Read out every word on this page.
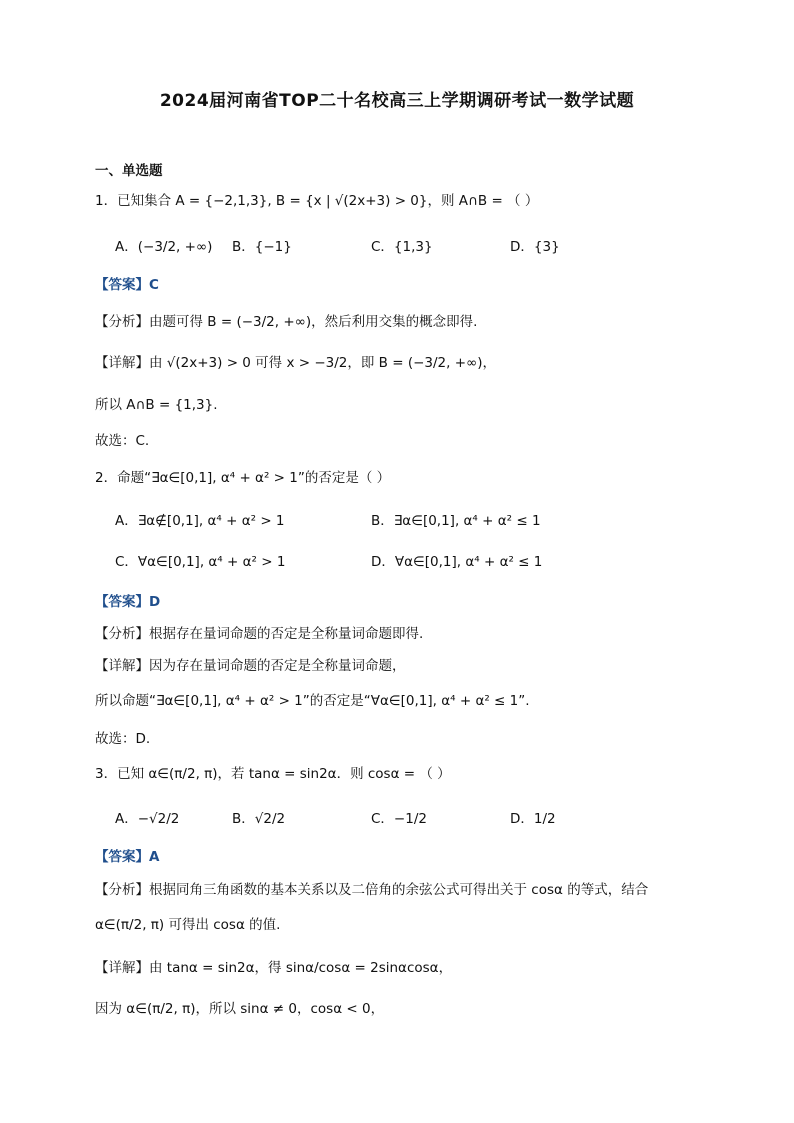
2024届河南省TOP二十名校高三上学期调研考试一数学试题
一、单选题
1．已知集合 A = {−2,1,3}, B = {x | √(2x+3) > 0}，则 A∩B = （ ）
A．(−3/2, +∞) B．{−1}	C．{1,3}	D．{3}
【答案】C
【分析】由题可得 B = (−3/2, +∞)，然后利用交集的概念即得.
【详解】由 √(2x+3) > 0 可得 x > −3/2，即 B = (−3/2, +∞)，
所以 A∩B = {1,3}.
故选：C.
2．命题“∃α∈[0,1], α⁴ + α² > 1”的否定是（ ）
A．∃α∉[0,1], α⁴ + α² > 1	B．∃α∈[0,1], α⁴ + α² ≤ 1
C．∀α∈[0,1], α⁴ + α² > 1	D．∀α∈[0,1], α⁴ + α² ≤ 1
【答案】D
【分析】根据存在量词命题的否定是全称量词命题即得.
【详解】因为存在量词命题的否定是全称量词命题，
所以命题“∃α∈[0,1], α⁴ + α² > 1”的否定是“∀α∈[0,1], α⁴ + α² ≤ 1”.
故选：D.
3．已知 α∈(π/2, π)，若 tanα = sin2α．则 cosα = （ ）
A．−√2/2	B．√2/2	C．−1/2	D．1/2
【答案】A
【分析】根据同角三角函数的基本关系以及二倍角的余弦公式可得出关于 cosα 的等式，结合
α∈(π/2, π) 可得出 cosα 的值.
【详解】由 tanα = sin2α，得 sinα/cosα = 2sinαcosα，
因为 α∈(π/2, π)，所以 sinα ≠ 0，cosα < 0，
